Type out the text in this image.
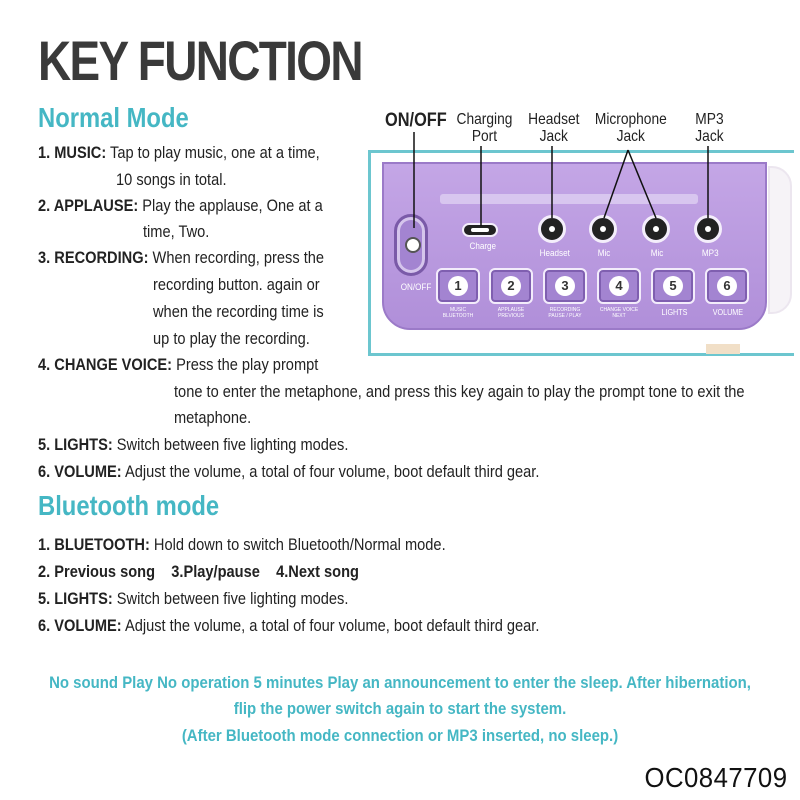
KEY FUNCTION
Normal Mode
1. MUSIC: Tap to play music, one at a time,
10 songs in total.
2. APPLAUSE: Play the applause, One at a
time, Two.
3. RECORDING: When recording, press the
recording button. again or
when the recording time is
up to play the recording.
4. CHANGE VOICE: Press the play prompt
tone to enter the metaphone, and press this key again to play the prompt tone to exit the
metaphone.
5. LIGHTS: Switch between five lighting modes.
6. VOLUME: Adjust the volume, a total of four volume, boot default third gear.
Bluetooth mode
1. BLUETOOTH: Hold down to switch Bluetooth/Normal mode.
2. Previous song 3.Play/pause 4.Next song
5. LIGHTS: Switch between five lighting modes.
6. VOLUME: Adjust the volume, a total of four volume, boot default third gear.
No sound Play No operation 5 minutes Play an announcement to enter the sleep. After hibernation,
flip the power switch again to start the system.
(After Bluetooth mode connection or MP3 inserted, no sleep.)
OC0847709
ON/OFF
Charge
Headset	Mic	Mic	MP3
1
MUSIC
BLUETOOTH
2
APPLAUSE
PREVIOUS
3
RECORDING
PAUSE / PLAY
4
CHANGE VOICE
NEXT
5
LIGHTS
6
VOLUME
ON/OFF Charging
Port
Headset
Jack
Microphone
Jack
MP3
Jack
